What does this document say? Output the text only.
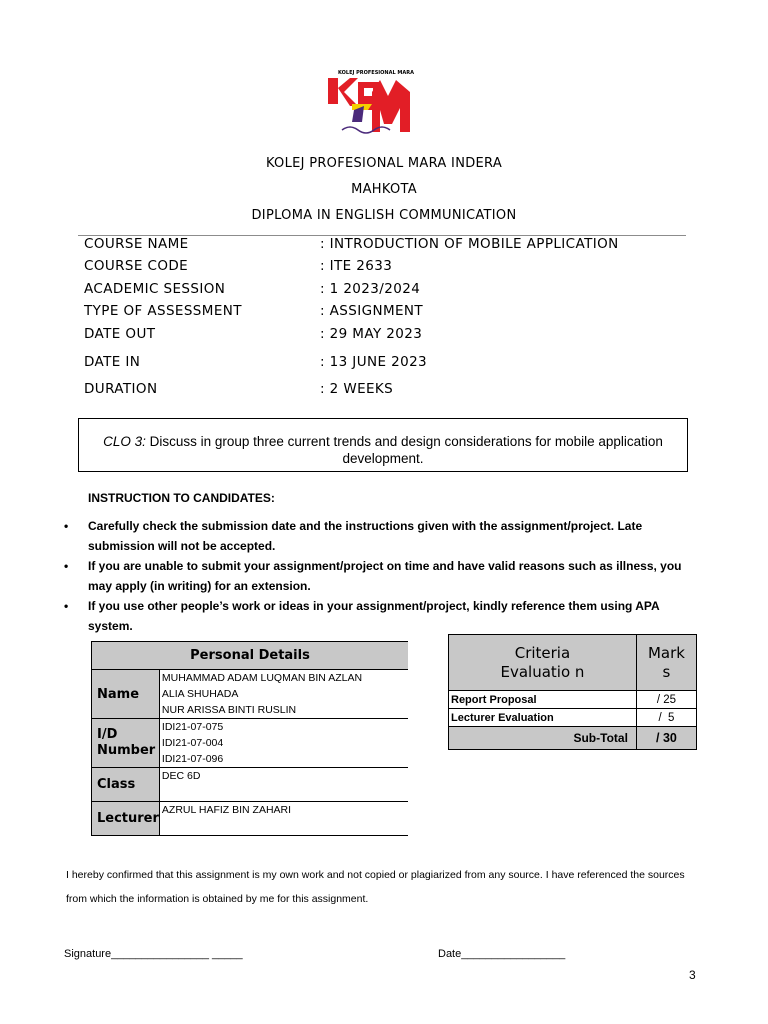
KOLEJ PROFESIONAL MARA
KOLEJ PROFESIONAL MARA INDERA
MAHKOTA
DIPLOMA IN ENGLISH COMMUNICATION
COURSE NAME	: INTRODUCTION OF MOBILE APPLICATION
COURSE CODE	: ITE 2633
ACADEMIC SESSION	: 1 2023/2024
TYPE OF ASSESSMENT	: ASSIGNMENT
DATE OUT	: 29 MAY 2023
DATE IN	: 13 JUNE 2023
DURATION	: 2 WEEKS
CLO 3: Discuss in group three current trends and design considerations for mobile application development.
INSTRUCTION TO CANDIDATES:
• Carefully check the submission date and the instructions given with the assignment/project. Late submission will not be accepted.
• If you are unable to submit your assignment/project on time and have valid reasons such as illness, you may apply (in writing) for an extension.
• If you use other people’s work or ideas in your assignment/project, kindly reference them using APA system.
Personal Details	
Name	MUHAMMAD ADAM LUQMAN BIN AZLAN
ALIA SHUHADA
NUR ARISSA BINTI RUSLIN

I/D Number	IDI21-07-075
IDI21-07-004
IDI21-07-096

Class	DEC 6D

Lecturer	AZRUL HAFIZ BIN ZAHARI
Criteria Evaluatio n	Mark s
Report Proposal	/ 25
Lecturer Evaluation	/  5
Sub-Total	/ 30
I hereby confirmed that this assignment is my own work and not copied or plagiarized from any source. I have referenced the sources from which the information is obtained by me for this assignment.
Signature________________ _____	Date_________________
3
